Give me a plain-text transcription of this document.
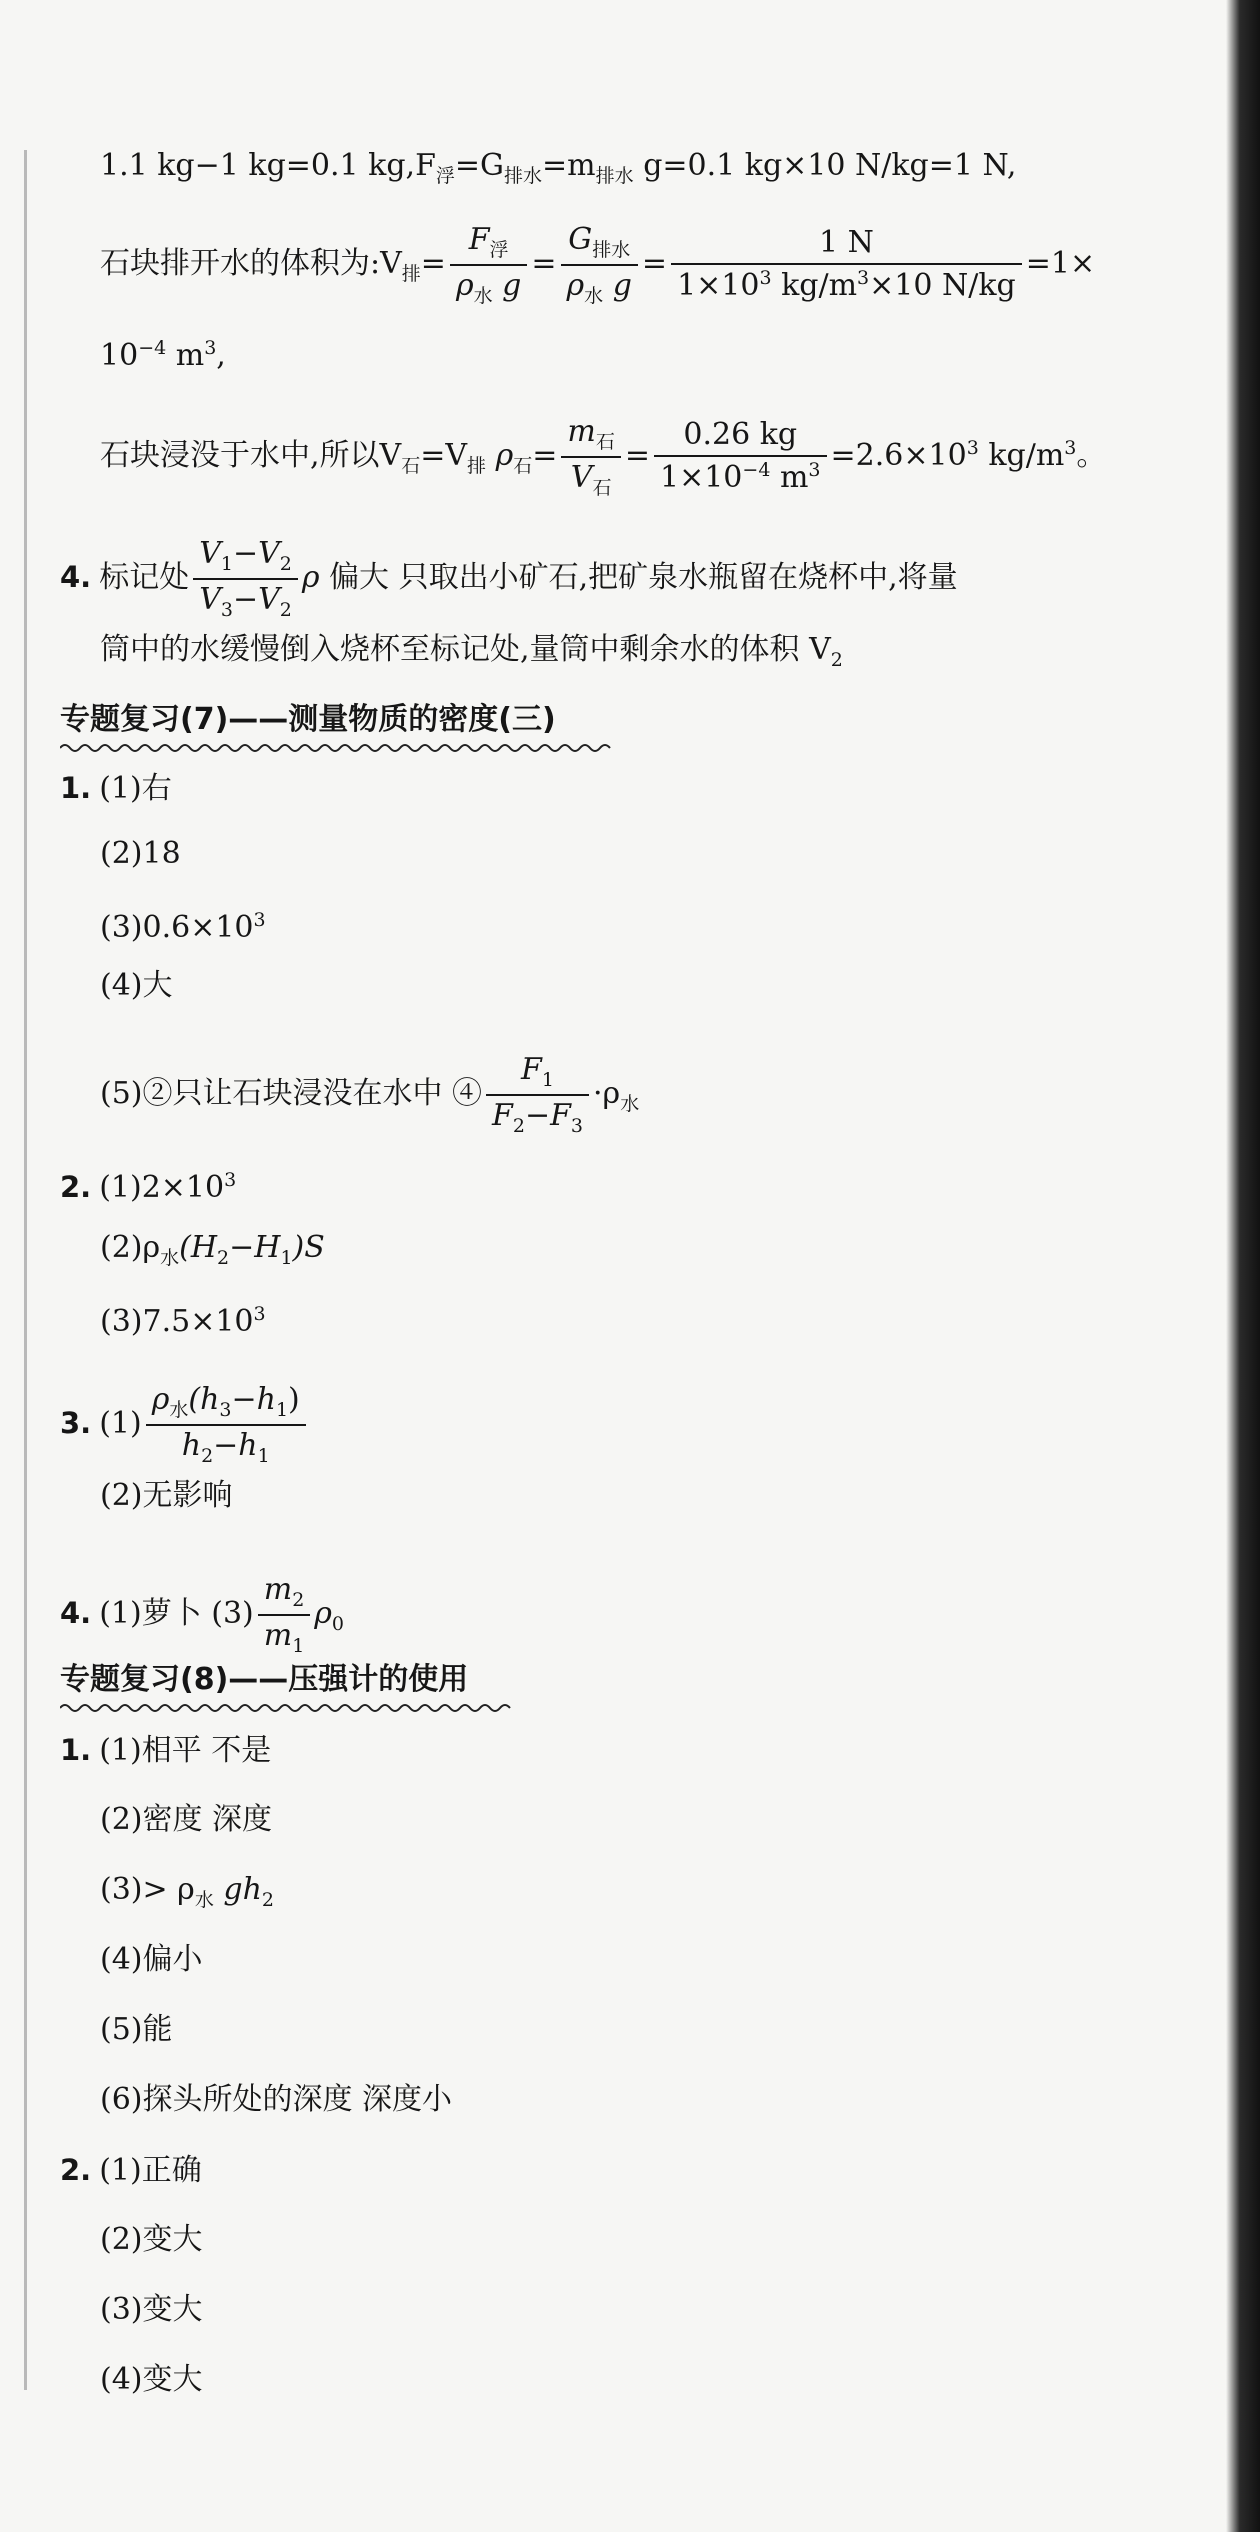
1.1 kg−1 kg=0.1 $kg,F_浮=G_{排水}=m_{排水}$ g=0.1 kg×10 N/kg=1 N,
石块排开水的体积为$:V_排= \frac{F_浮}{\rho_水 g} = \frac{G_{排水}}{\rho_水 g} = \frac{1 N}{1\times 10^3 kg/m^3\times 10 N/kg} =1\times$
$10^{-4}$ $m^3$,
石块浸没于水中,所以$V_石=V_排$ $\rho_石= \frac{m_石}{V_石} = \frac{0.26 kg}{1\times 10^{-4} m^3} =2.6\times 10^3$ $kg/m^3$。
4. 标记处 $\frac{V_1-V_2}{V_3-V_2}$ ρ 偏大 只取出小矿石,把矿泉水瓶留在烧杯中,将量
筒中的水缓慢倒入烧杯至标记处,量筒中剩余水的体积 $V_2$
专题复习(7)——测量物质的密度(三)
1. (1)右
(2)18
$(3)0.6\times 10^3$
(4)大
(5)②只让石块浸没在水中 ④ $\frac{F_1}{F_2-F_3} \cdot\rho_水$
2. $(1)2\times 10^3$
$(2)\rho_水(H_2-H_1)S$
$(3)7.5\times 10^3$
3. $(1) \frac{\rho_水(h_3-h_1)}{h_2-h_1}$
(2)无影响
4. (1)萝卜 $(3) \frac{m_2}{m_1} \rho_0$
专题复习(8)——压强计的使用
1. (1)相平 不是
(2)密度 深度
$(3)> \rho_水$ $gh_2$
(4)偏小
(5)能
(6)探头所处的深度 深度小
2. (1)正确
(2)变大
(3)变大
(4)变大
